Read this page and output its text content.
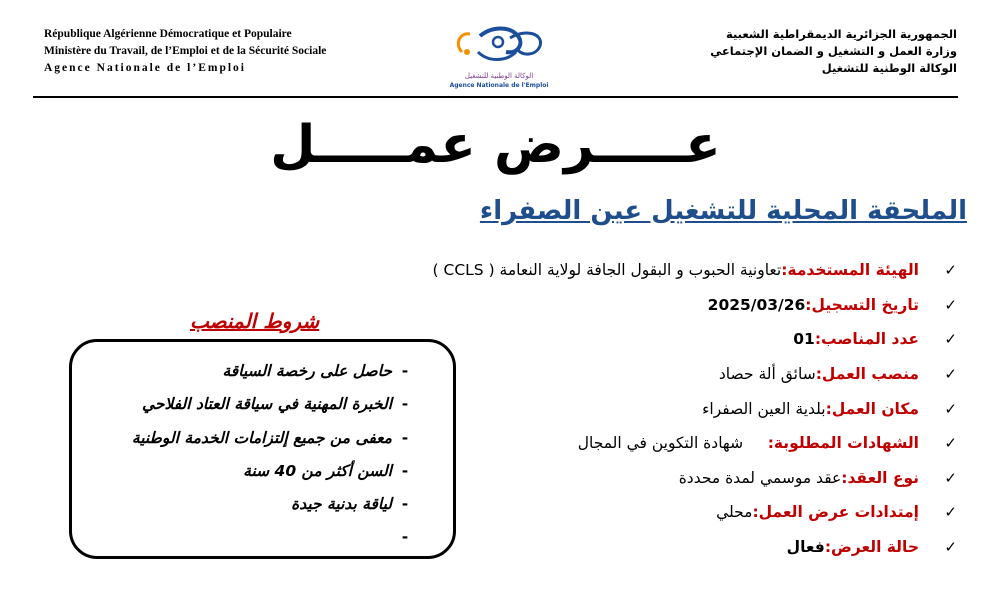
République Algérienne Démocratique et Populaire
Ministère du Travail, de l’Emploi et de la Sécurité Sociale
Agence Nationale de l’Emploi
الوكالة الوطنية للتشغيل
Agence Nationale de l'Emploi
الجمهورية الجزائرية الديمقراطية الشعبية
وزارة العمل و التشغيل و الضمان الإجتماعي
الوكالة الوطنية للتشغيل
عـــــرض عمـــــل
الملحقة المحلية للتشغيل عين الصفراء
✓
الهيئة المستخدمة:
تعاونية الحبوب و البقول الجافة لولاية النعامة ( CCLS )
✓
تاريخ التسجيل:
2025/03/26
✓
عدد المناصب:
01
✓
منصب العمل:
سائق ألة حصاد
✓
مكان العمل:
بلدية العين الصفراء
✓
الشهادات المطلوبة:
شهادة التكوين في المجال
✓
نوع العقد:
عقد موسمي لمدة محددة
✓
إمتدادات عرض العمل:
محلي
✓
حالة العرض:
فعال
شروط المنصب
-حاصل على رخصة السياقة
-الخبرة المهنية في سياقة العتاد الفلاحي
-معفى من جميع إلتزامات الخدمة الوطنية
-السن أكثر من 40 سنة
-لياقة بدنية جيدة
-
